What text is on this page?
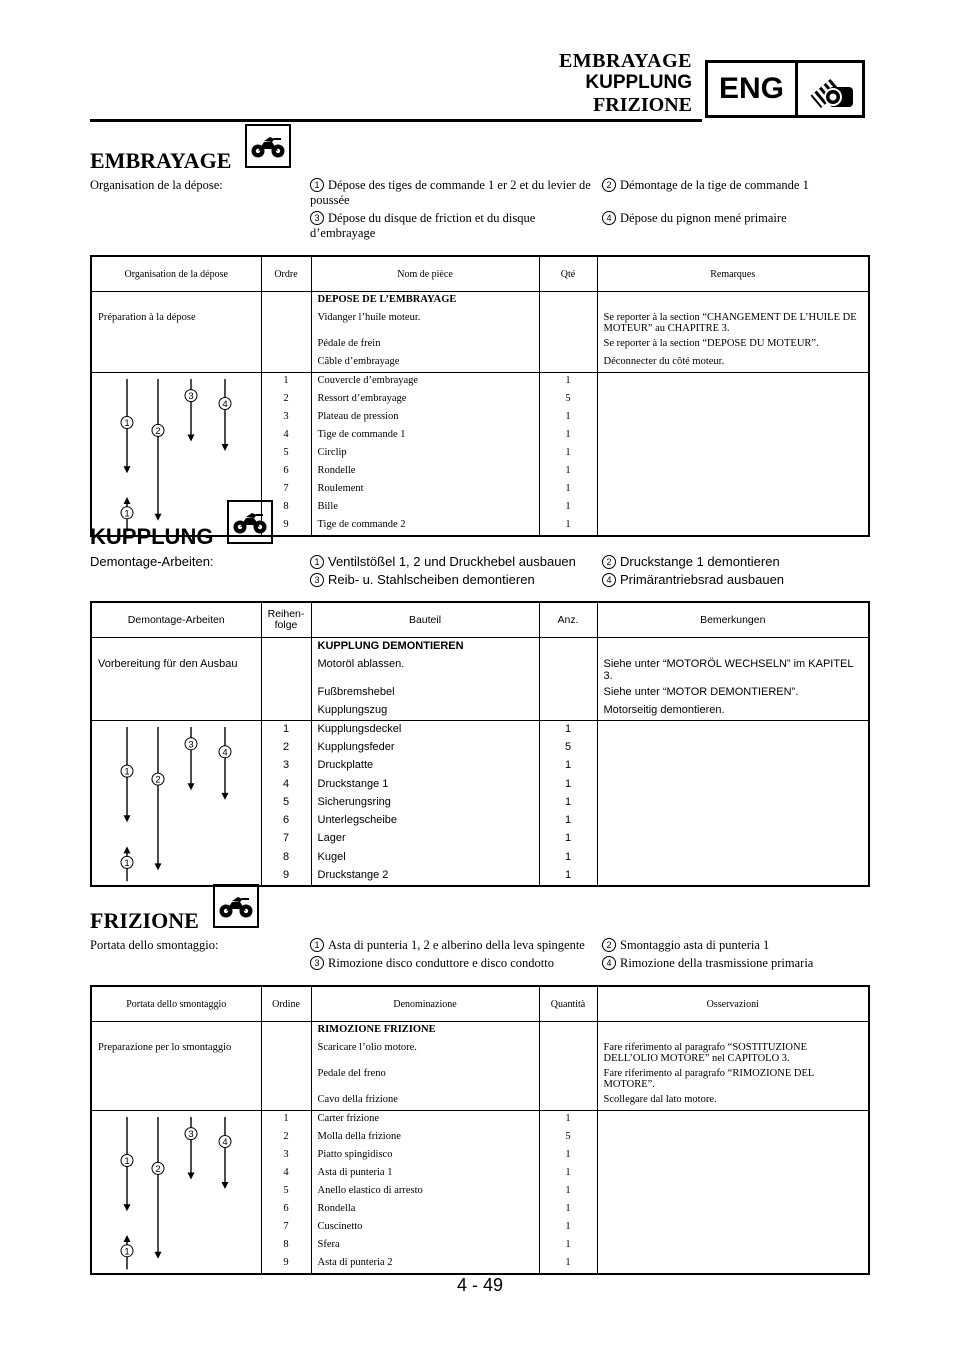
EMBRAYAGE
KUPPLUNG
FRIZIONE ENG
EMBRAYAGE
Organisation de la dépose:	1 Dépose des tiges de commande 1 er 2 et du levier de poussée
2 Démontage de la tige de commande 1
3 Dépose du disque de friction et du disque d’embrayage
4 Dépose du pignon mené primaire
Organisation de la dépose	Ordre	Nom de pièce	Qté	Remarques
		DEPOSE DE L’EMBRAYAGE		
Préparation à la dépose		Vidanger l’huile moteur.		Se reporter à la section “CHANGEMENT DE L’HUILE DE MOTEUR” au CHAPITRE 3.
		Pédale de frein		Se reporter à la section “DEPOSE DU MOTEUR”.
		Câble d’embrayage		Déconnecter du côté moteur.

1
2
3
4
1	1	Couvercle d’embrayage	1	
	2	Ressort d’embrayage	5	
	3	Plateau de pression	1	
	4	Tige de commande 1	1	
	5	Circlip	1	
	6	Rondelle	1	
	7	Roulement	1	
	8	Bille	1	
	9	Tige de commande 2	1	
KUPPLUNG
Demontage-Arbeiten:	1 Ventilstößel 1, 2 und Druckhebel ausbauen	2 Druckstange 1 demontieren
3 Reib- u. Stahlscheiben demontieren	4 Primärantriebsrad ausbauen
Demontage-Arbeiten	Reihen-folge	Bauteil	Anz.	Bemerkungen
		KUPPLUNG DEMONTIEREN		
Vorbereitung für den Ausbau		Motoröl ablassen.		Siehe unter “MOTORÖL WECHSELN” im KAPITEL 3.
		Fußbremshebel		Siehe unter “MOTOR DEMONTIEREN”.
		Kupplungszug		Motorseitig demontieren.

1
2
3
4
1	1	Kupplungsdeckel	1	
	2	Kupplungsfeder	5	
	3	Druckplatte	1	
	4	Druckstange 1	1	
	5	Sicherungsring	1	
	6	Unterlegscheibe	1	
	7	Lager	1	
	8	Kugel	1	
	9	Druckstange 2	1	
FRIZIONE
Portata dello smontaggio:	1 Asta di punteria 1, 2 e alberino della leva spingente	2 Smontaggio asta di punteria 1
3 Rimozione disco conduttore e disco condotto	4 Rimozione della trasmissione primaria
Portata dello smontaggio	Ordine	Denominazione	Quantità	Osservazioni
		RIMOZIONE FRIZIONE		
Preparazione per lo smontaggio		Scaricare l’olio motore.		Fare riferimento al paragrafo “SOSTITUZIONE DELL’OLIO MOTORE” nel CAPITOLO 3.
		Pedale del freno		Fare riferimento al paragrafo “RIMOZIONE DEL MOTORE”.
		Cavo della frizione		Scollegare dal lato motore.

1
2
3
4
1	1	Carter frizione	1	
	2	Molla della frizione	5	
	3	Piatto spingidisco	1	
	4	Asta di punteria 1	1	
	5	Anello elastico di arresto	1	
	6	Rondella	1	
	7	Cuscinetto	1	
	8	Sfera	1	
	9	Asta di punteria 2	1	
4 - 49
